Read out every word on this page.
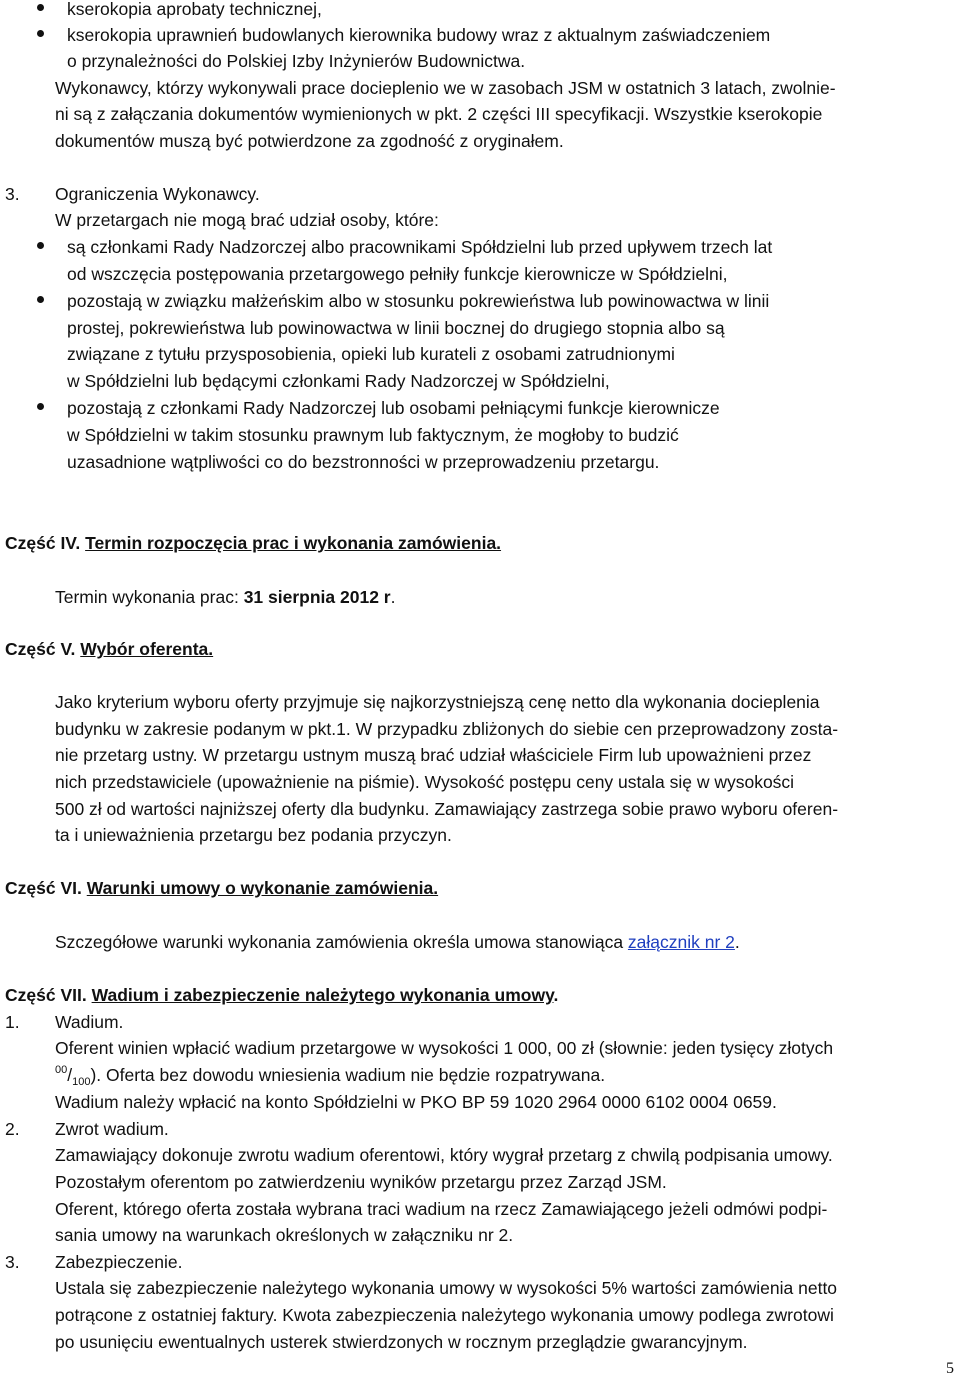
kserokopia aprobaty technicznej,
kserokopia uprawnień budowlanych kierownika budowy wraz z aktualnym zaświadczeniem
o przynależności do Polskiej Izby Inżynierów Budownictwa.
Wykonawcy, którzy wykonywali prace docieplenio we w zasobach JSM w ostatnich 3 latach, zwolnie-
ni są z załączania dokumentów wymienionych w pkt. 2 części III specyfikacji. Wszystkie kserokopie
dokumentów muszą być potwierdzone za zgodność z oryginałem.
3. Ograniczenia Wykonawcy.
W przetargach nie mogą brać udział osoby, które:
są członkami Rady Nadzorczej albo pracownikami Spółdzielni lub przed upływem trzech lat
od wszczęcia postępowania przetargowego pełniły funkcje kierownicze w Spółdzielni,
pozostają w związku małżeńskim albo w stosunku pokrewieństwa lub powinowactwa w linii
prostej, pokrewieństwa lub powinowactwa w linii bocznej do drugiego stopnia albo są
związane z tytułu przysposobienia, opieki lub kurateli z osobami zatrudnionymi
w Spółdzielni lub będącymi członkami Rady Nadzorczej w Spółdzielni,
pozostają z członkami Rady Nadzorczej lub osobami pełniącymi funkcje kierownicze
w Spółdzielni w takim stosunku prawnym lub faktycznym, że mogłoby to budzić
uzasadnione wątpliwości co do bezstronności w przeprowadzeniu przetargu.
Część IV. Termin rozpoczęcia prac i wykonania zamówienia.
Termin wykonania prac: 31 sierpnia 2012 r.
Część V. Wybór oferenta.
Jako kryterium wyboru oferty przyjmuje się najkorzystniejszą cenę netto dla wykonania docieplenia
budynku w zakresie podanym w pkt.1. W przypadku zbliżonych do siebie cen przeprowadzony zosta-
nie przetarg ustny. W przetargu ustnym muszą brać udział właściciele Firm lub upoważnieni przez
nich przedstawiciele (upoważnienie na piśmie). Wysokość postępu ceny ustala się w wysokości
500 zł od wartości najniższej oferty dla budynku. Zamawiający zastrzega sobie prawo wyboru oferen-
ta i unieważnienia przetargu bez podania przyczyn.
Część VI. Warunki umowy o wykonanie zamówienia.
Szczegółowe warunki wykonania zamówienia określa umowa stanowiąca załącznik nr 2.
Część VII. Wadium i zabezpieczenie należytego wykonania umowy.
1. Wadium.
Oferent winien wpłacić wadium przetargowe w wysokości 1 000, 00 zł (słownie: jeden tysięcy złotych
$^{00}/_{100}$). Oferta bez dowodu wniesienia wadium nie będzie rozpatrywana.
Wadium należy wpłacić na konto Spółdzielni w PKO BP 59 1020 2964 0000 6102 0004 0659.
2. Zwrot wadium.
Zamawiający dokonuje zwrotu wadium oferentowi, który wygrał przetarg z chwilą podpisania umowy.
Pozostałym oferentom po zatwierdzeniu wyników przetargu przez Zarząd JSM.
Oferent, którego oferta została wybrana traci wadium na rzecz Zamawiającego jeżeli odmówi podpi-
sania umowy na warunkach określonych w załączniku nr 2.
3. Zabezpieczenie.
Ustala się zabezpieczenie należytego wykonania umowy w wysokości 5% wartości zamówienia netto
potrącone z ostatniej faktury. Kwota zabezpieczenia należytego wykonania umowy podlega zwrotowi
po usunięciu ewentualnych usterek stwierdzonych w rocznym przeglądzie gwarancyjnym.
5
